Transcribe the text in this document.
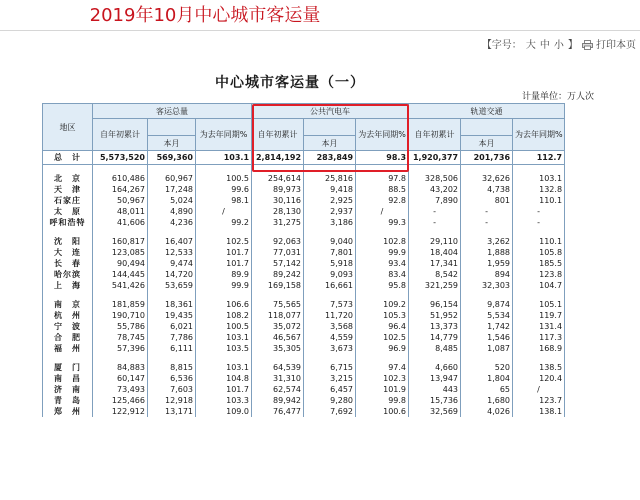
2019年10月中心城市客运量
【字号： 大 中 小 】	打印本页
中心城市客运量（一）
计量单位：万人次
地区	客运总量			公共汽电车			轨道交通		
	自年初累计		为去年同期%	自年初累计		为去年同期%	自年初累计		为去年同期%
		本月			本月			本月	
总　计	5,573,520	569,360	103.1	2,814,192	283,849	98.3	1,920,377	201,736	112.7

北　京	610,486	60,967	100.5	254,614	25,816	97.8	328,506	32,626	103.1
天　津	164,267	17,248	99.6	89,973	9,418	88.5	43,202	4,738	132.8
石家庄	50,967	5,024	98.1	30,116	2,925	92.8	7,890	801	110.1
太　原	48,011	4,890	/	28,130	2,937	/	-	-	-
呼和浩特	41,606	4,236	99.2	31,275	3,186	99.3	-	-	-

沈　阳	160,817	16,407	102.5	92,063	9,040	102.8	29,110	3,262	110.1
大　连	123,085	12,533	101.7	77,031	7,801	99.9	18,404	1,888	105.8
长　春	90,494	9,474	101.7	57,142	5,918	93.4	17,341	1,959	185.5
哈尔滨	144,445	14,720	89.9	89,242	9,093	83.4	8,542	894	123.8
上　海	541,426	53,659	99.9	169,158	16,661	95.8	321,259	32,303	104.7

南　京	181,859	18,361	106.6	75,565	7,573	109.2	96,154	9,874	105.1
杭　州	190,710	19,435	108.2	118,077	11,720	105.3	51,952	5,534	119.7
宁　波	55,786	6,021	100.5	35,072	3,568	96.4	13,373	1,742	131.4
合　肥	78,745	7,786	103.1	46,567	4,559	102.5	14,779	1,546	117.3
福　州	57,396	6,111	103.5	35,305	3,673	96.9	8,485	1,087	168.9

厦　门	84,883	8,815	103.1	64,539	6,715	97.4	4,660	520	138.5
南　昌	60,147	6,536	104.8	31,310	3,215	102.3	13,947	1,804	120.4
济　南	73,493	7,603	101.7	62,574	6,457	101.9	443	65	/
青　岛	125,466	12,918	103.3	89,942	9,280	99.8	15,736	1,680	123.7
郑　州	122,912	13,171	109.0	76,477	7,692	100.6	32,569	4,026	138.1
